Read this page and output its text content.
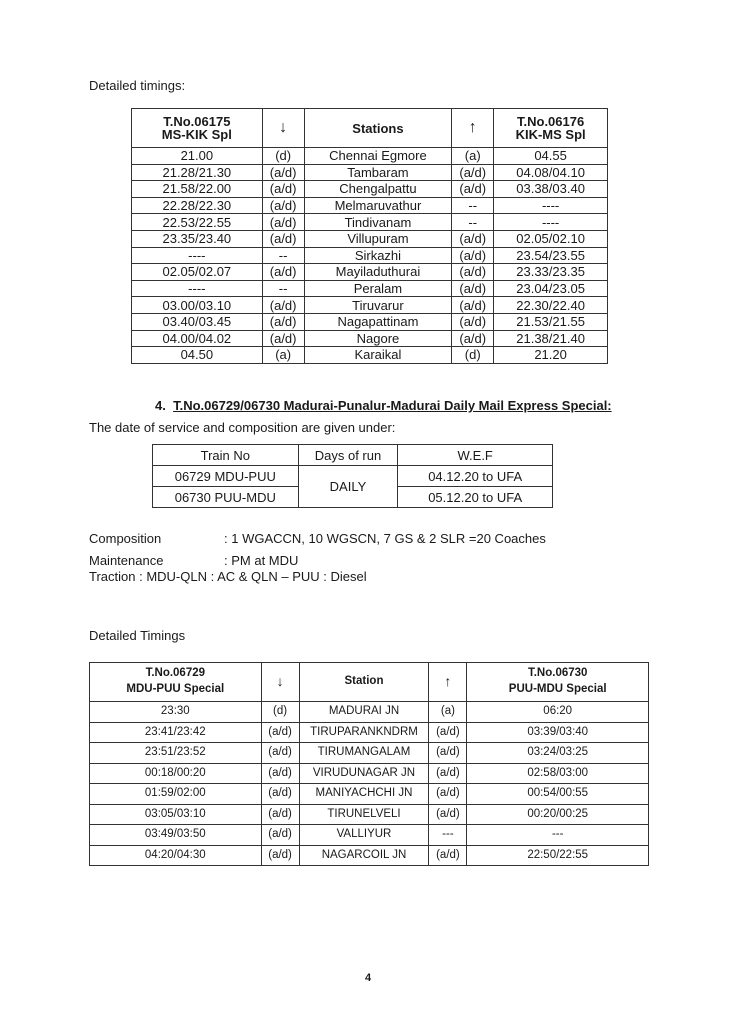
Detailed timings:
T.No.06175
MS-KIK Spl	↓	Stations	↑	T.No.06176
KIK-MS Spl

21.00	(d)	Chennai Egmore	(a)	04.55
21.28/21.30	(a/d)	Tambaram	(a/d)	04.08/04.10
21.58/22.00	(a/d)	Chengalpattu	(a/d)	03.38/03.40
22.28/22.30	(a/d)	Melmaruvathur	--	----
22.53/22.55	(a/d)	Tindivanam	--	----
23.35/23.40	(a/d)	Villupuram	(a/d)	02.05/02.10
----	--	Sirkazhi	(a/d)	23.54/23.55
02.05/02.07	(a/d)	Mayiladuthurai	(a/d)	23.33/23.35
----	--	Peralam	(a/d)	23.04/23.05
03.00/03.10	(a/d)	Tiruvarur	(a/d)	22.30/22.40
03.40/03.45	(a/d)	Nagapattinam	(a/d)	21.53/21.55
04.00/04.02	(a/d)	Nagore	(a/d)	21.38/21.40
04.50	(a)	Karaikal	(d)	21.20
4. T.No.06729/06730 Madurai-Punalur-Madurai Daily Mail Express Special:
The date of service and composition are given under:
Train No	Days of run	W.E.F
06729 MDU-PUU	DAILY	04.12.20 to UFA
06730 PUU-MDU		05.12.20 to UFA
Composition	: 1 WGACCN, 10 WGSCN, 7 GS & 2 SLR =20 Coaches
Maintenance	: PM at MDU
Traction : MDU-QLN : AC & QLN – PUU : Diesel
Detailed Timings
T.No.06729
MDU-PUU Special	↓	Station	↑	T.No.06730
PUU-MDU Special

23:30	(d)	MADURAI JN	(a)	06:20
23:41/23:42	(a/d)	TIRUPARANKNDRM	(a/d)	03:39/03:40
23:51/23:52	(a/d)	TIRUMANGALAM	(a/d)	03:24/03:25
00:18/00:20	(a/d)	VIRUDUNAGAR JN	(a/d)	02:58/03:00
01:59/02:00	(a/d)	MANIYACHCHI JN	(a/d)	00:54/00:55
03:05/03:10	(a/d)	TIRUNELVELI	(a/d)	00:20/00:25
03:49/03:50	(a/d)	VALLIYUR	---	---
04:20/04:30	(a/d)	NAGARCOIL JN	(a/d)	22:50/22:55
4
